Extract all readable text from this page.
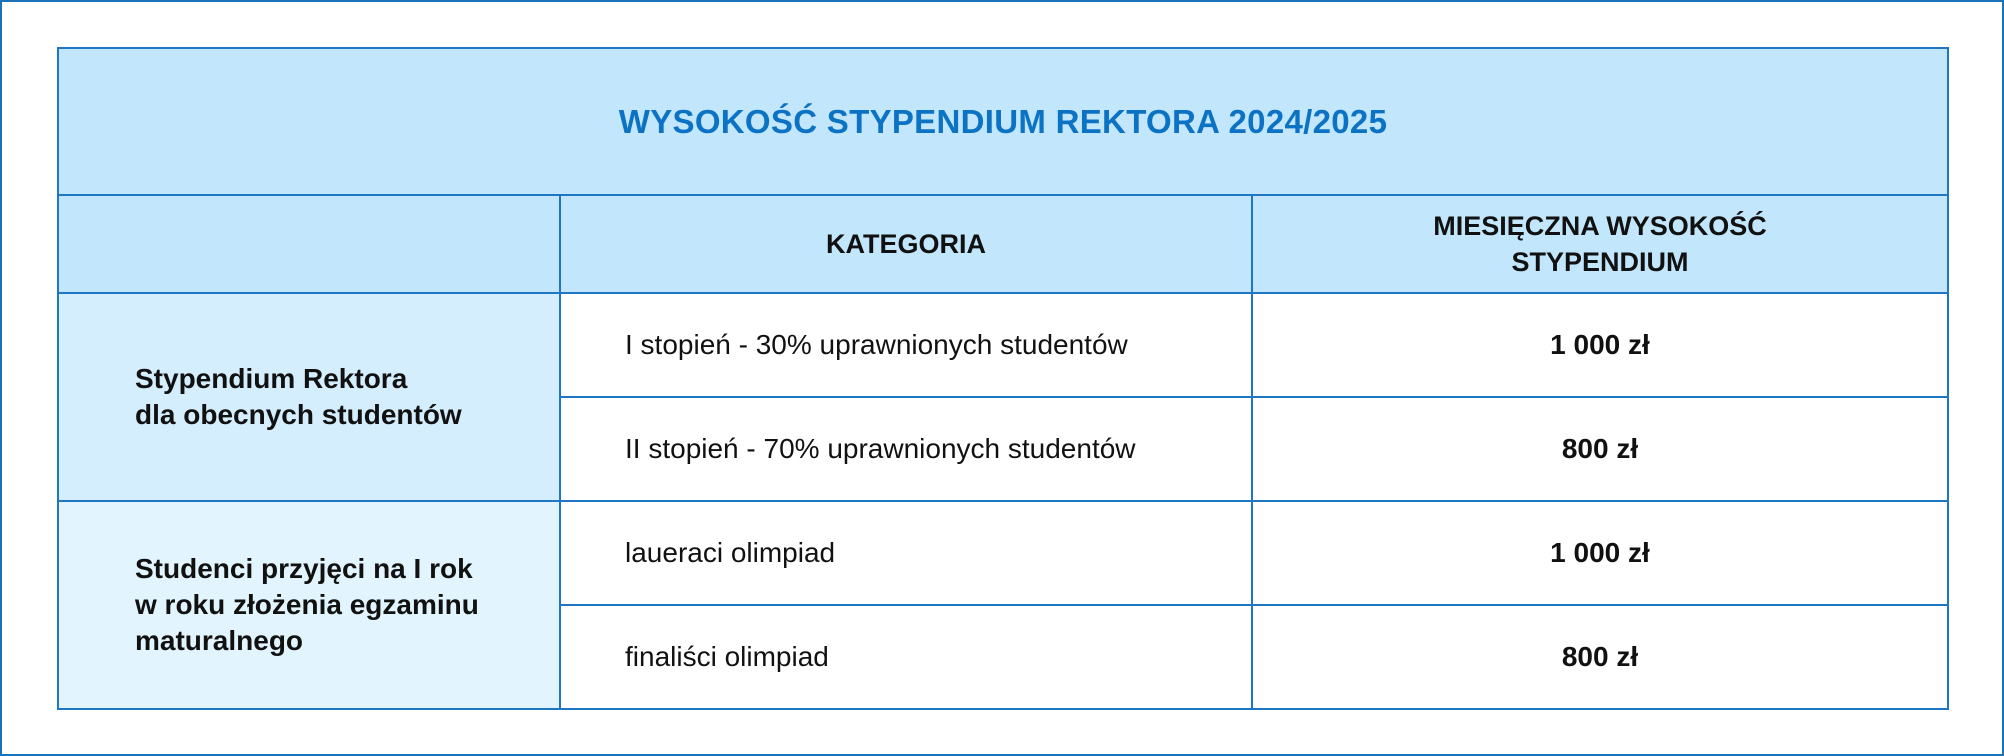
WYSOKOŚĆ STYPENDIUM REKTORA 2024/2025		
	KATEGORIA	MIESIĘCZNA WYSOKOŚĆ
STYPENDIUM

Stypendium Rektora
dla obecnych studentów	I stopień - 30% uprawnionych studentów	1 000 zł
	II stopień - 70% uprawnionych studentów	800 zł

Studenci przyjęci na I rok
w roku złożenia egzaminu
maturalnego	laueraci olimpiad	1 000 zł
	finaliści olimpiad	800 zł
